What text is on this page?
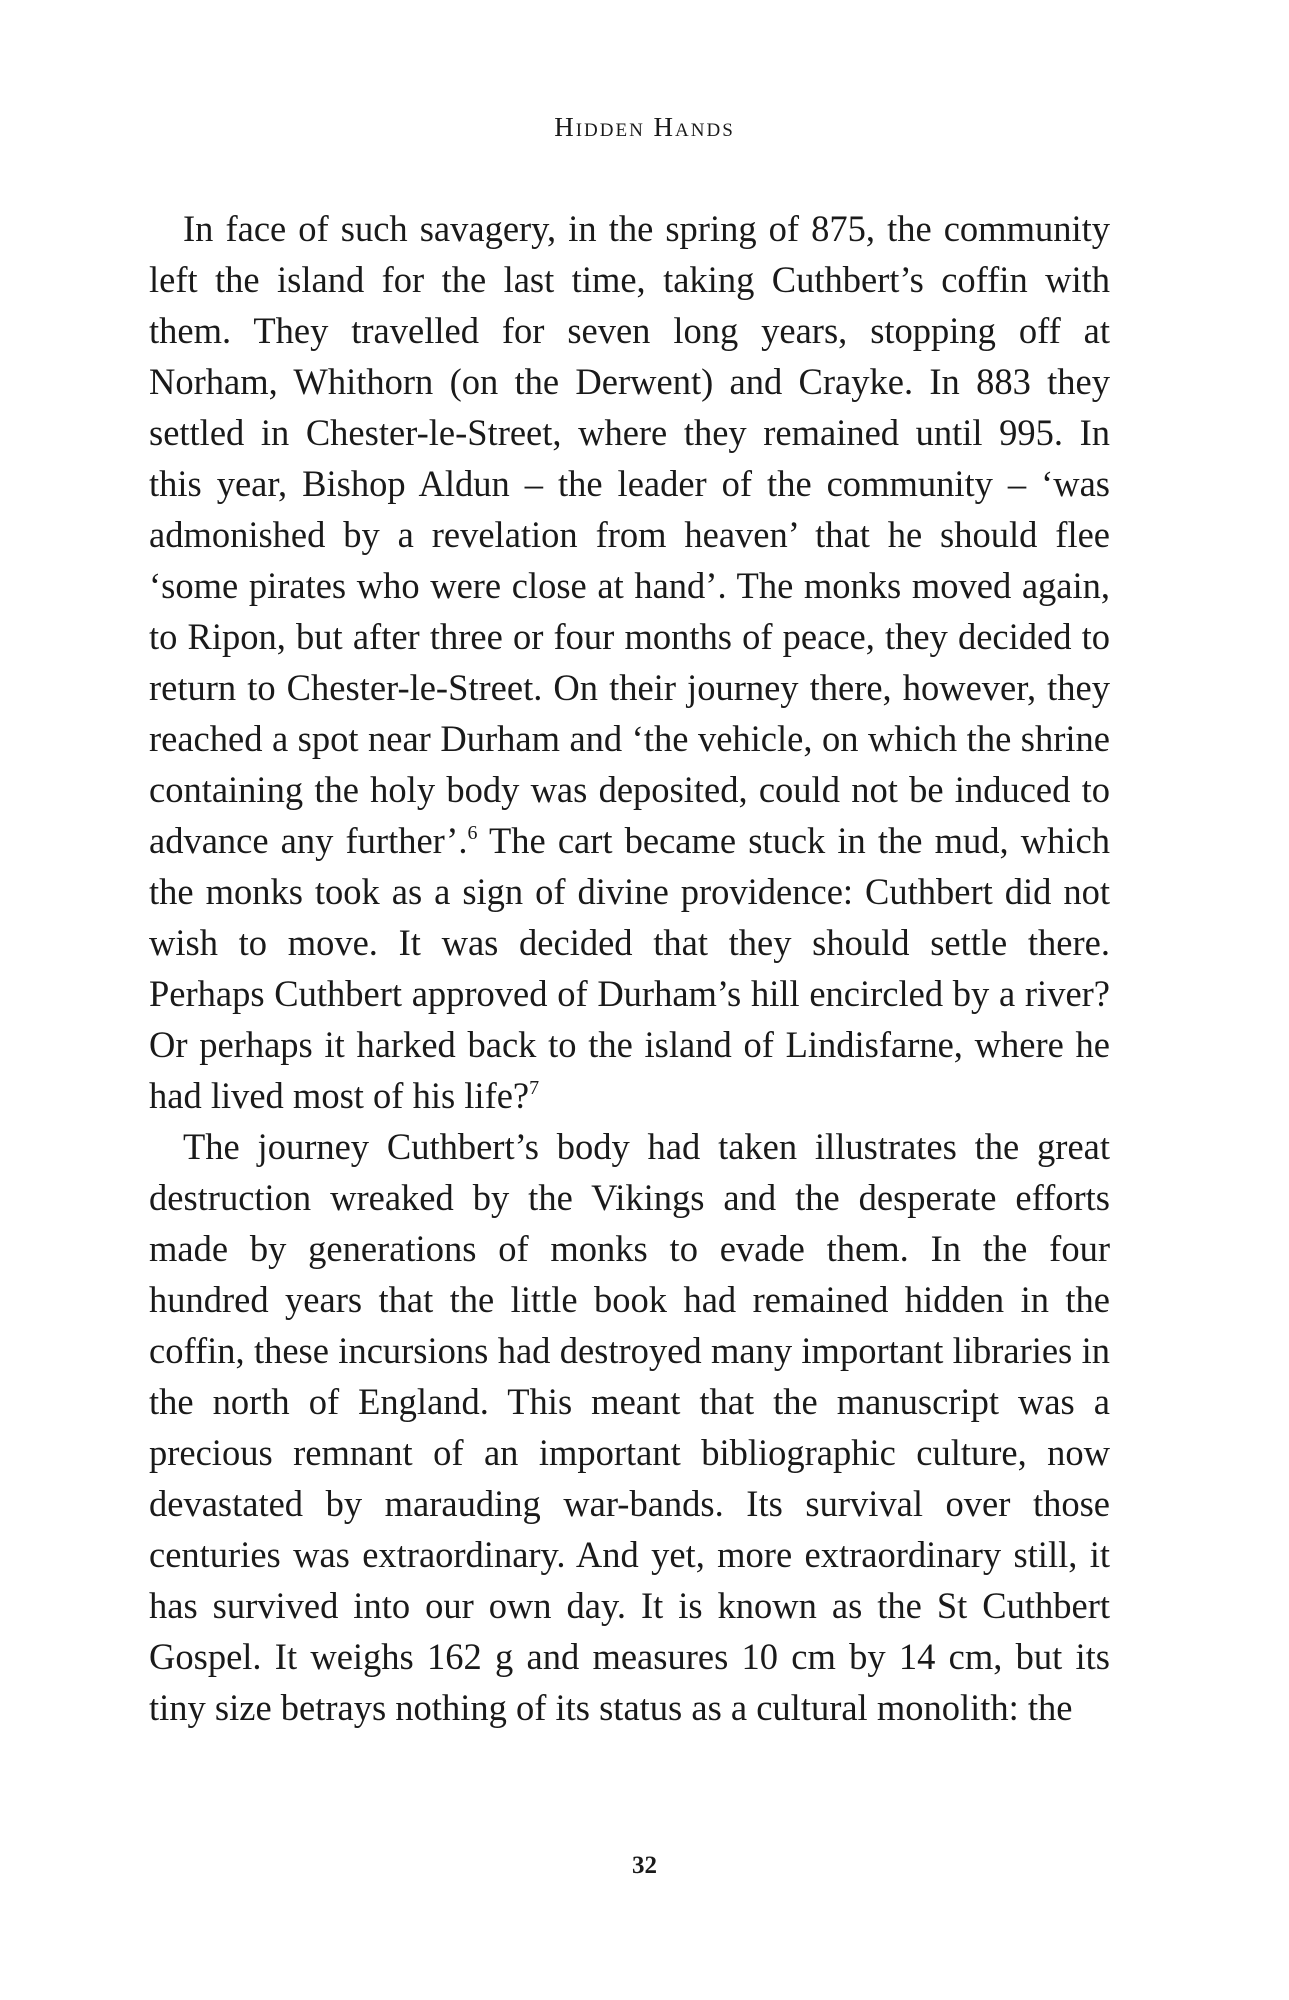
Hidden Hands

In face of such savagery, in the spring of 875, the community left the island for the last time, taking Cuthbert’s coffin with them. They travelled for seven long years, stopping off at Norham, Whithorn (on the Derwent) and Crayke. In 883 they settled in Chester-le-Street, where they remained until 995. In this year, Bishop Aldun – the leader of the community – ‘was admonished by a revelation from heaven’ that he should flee ‘some pirates who were close at hand’. The monks moved again, to Ripon, but after three or four months of peace, they decided to return to Chester-le-Street. On their journey there, however, they reached a spot near Durham and ‘the vehicle, on which the shrine containing the holy body was deposited, could not be induced to advance any further’.$^6$ The cart became stuck in the mud, which the monks took as a sign of divine providence: Cuthbert did not wish to move. It was decided that they should settle there. Perhaps Cuthbert approved of Durham’s hill encircled by a river? Or perhaps it harked back to the island of Lindisfarne, where he had lived most of his life?$^7$

The journey Cuthbert’s body had taken illustrates the great destruction wreaked by the Vikings and the desperate efforts made by generations of monks to evade them. In the four hundred years that the little book had remained hidden in the coffin, these incursions had destroyed many important libraries in the north of England. This meant that the manuscript was a precious remnant of an important bibliographic culture, now devastated by marauding war-bands. Its survival over those centuries was extraordinary. And yet, more extraordinary still, it has survived into our own day. It is known as the St Cuthbert Gospel. It weighs 162 g and measures 10 cm by 14 cm, but its tiny size betrays nothing of its status as a cultural monolith: the

32
